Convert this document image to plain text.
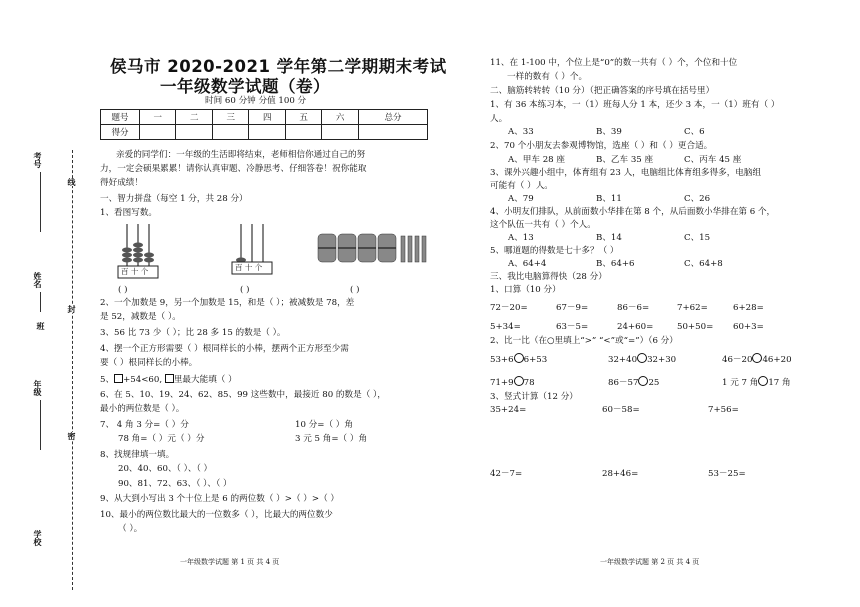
考号
姓名
班
年级
学校
线
封
密
侯马市 2020-2021 学年第二学期期末考试
一年级数学试题（卷）
时间 60 分钟 分值 100 分
题号	一	二	三	四	五	六	总分
得分							
亲爱的同学们：一年级的生活即将结束，老师相信你通过自己的努
力，一定会硕果累累！请你认真审题、冷静思考、仔细答卷！祝你能取
得好成绩！
一、智力拼盘（每空 1 分，共 28 分）
1、看图写数。
百 十 个
( )
百 十 个
( )	( )
2、一个加数是 9，另一个加数是 15，和是（ ）；被减数是 78，差
是 52，减数是（ ）。
3、56 比 73 少（ ）；比 28 多 15 的数是（ ）。
4、摆一个正方形需要（ ）根同样长的小棒，摆两个正方形至少需
要（ ）根同样长的小棒。
5、 +54<60, 里最大能填（ ）
6、在 5、10、19、24、62、85、99 这些数中，最接近 80 的数是（ ），
最小的两位数是（ ）。
7、 4 角 3 分=（ ）分	10 分=（ ）角
78 角=（ ）元（ ）分	3 元 5 角=（ ）角
8、找规律填一填。
20、40、60、（ ）、（ ）
90、81、72、63、（ ）、（ ）
9、从大到小写出 3 个十位上是 6 的两位数（ ）>（ ）>（ ）
10、最小的两位数比最大的一位数多（ ），比最大的两位数少
（ ）。
一年级数学试题 第 1 页 共 4 页
11、在 1-100 中，个位上是“0”的数一共有（ ）个，个位和十位
一样的数有（ ）个。
二、脑筋转转转（10 分）（把正确答案的序号填在括号里）
1、有 36 本练习本，一（1）班每人分 1 本，还少 3 本，一（1）班有（ ）
人。
A、33	B、39	C、6
2、70 个小朋友去参观博物馆，选座（ ）和（ ）更合适。
A、甲车 28 座	B、乙车 35 座	C、丙车 45 座
3、课外兴趣小组中，体育组有 23 人，电脑组比体育组多得多，电脑组
可能有（ ）人。
A、79	B、11	C、26
4、小明友们排队，从前面数小华排在第 8 个，从后面数小华排在第 6 个，
这个队伍一共有（ ）个人。
A、13	B、14	C、15
5、哪道题的得数是七十多？（ ）
A、64+4	B、64+6	C、64+8
三、我比电脑算得快（28 分）
1、口算（10 分）
72－20=	67－9=	86－6=	7+62=	6+28=
5+34=	63－5=	24+60=	50+50= 60+3=
2、比一比（在○里填上“>” “<”或“=”）（6 分）
53+6 6+53	32+40 32+30	46－20 46+20
71+9 78	86－57 25	1 元 7 角 17 角
3、竖式计算（12 分）
35+24=	60－58=	7+56=
42－7=	28+46=	53－25=
一年级数学试题 第 2 页 共 4 页
